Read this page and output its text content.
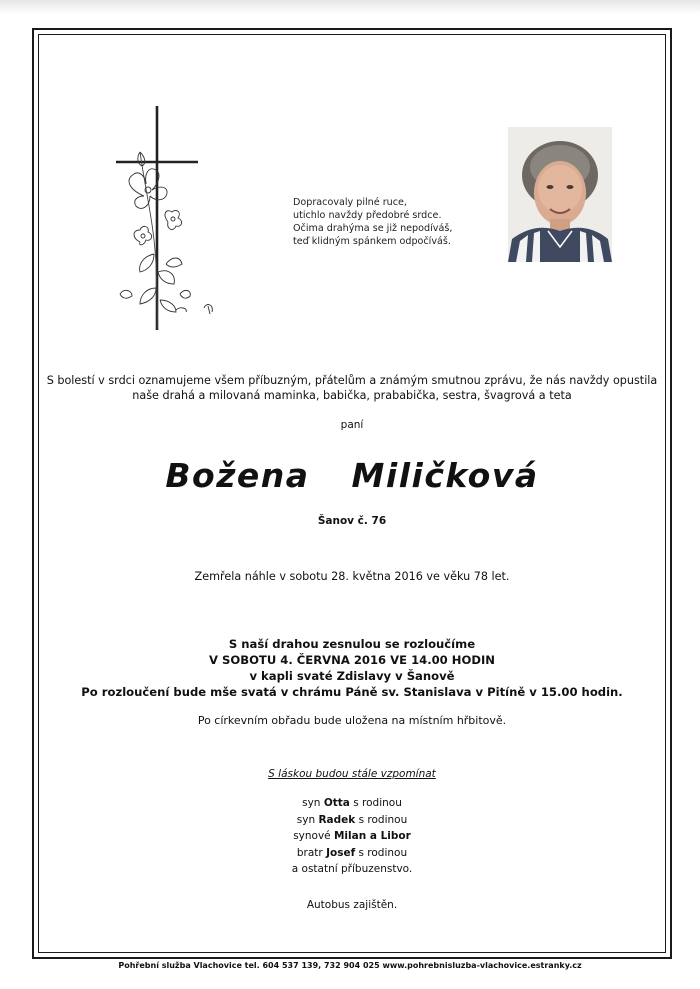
Dopracovaly pilné ruce,
utichlo navždy předobré srdce.
Očima drahýma se již nepodíváš,
teď klidným spánkem odpočíváš.
S bolestí v srdci oznamujeme všem příbuzným, přátelům a známým smutnou zprávu, že nás navždy opustila
naše drahá a milovaná maminka, babička, prababička, sestra, švagrová a teta
paní
Božena  Miličková
Šanov č. 76
Zemřela náhle v sobotu 28. května 2016 ve věku 78 let.
S naší drahou zesnulou se rozloučíme
V SOBOTU 4. ČERVNA 2016 VE 14.00 HODIN
v kapli svaté Zdislavy v Šanově
Po rozloučení bude mše svatá v chrámu Páně sv. Stanislava v Pitíně v 15.00 hodin.
Po církevním obřadu bude uložena na místním hřbitově.
S láskou budou stále vzpomínat
syn Otta s rodinou
syn Radek s rodinou
synové Milan a Libor
bratr Josef s rodinou
a ostatní příbuzenstvo.
Autobus zajištěn.
Pohřební služba Vlachovice tel. 604 537 139, 732 904 025 www.pohrebnisluzba-vlachovice.estranky.cz
